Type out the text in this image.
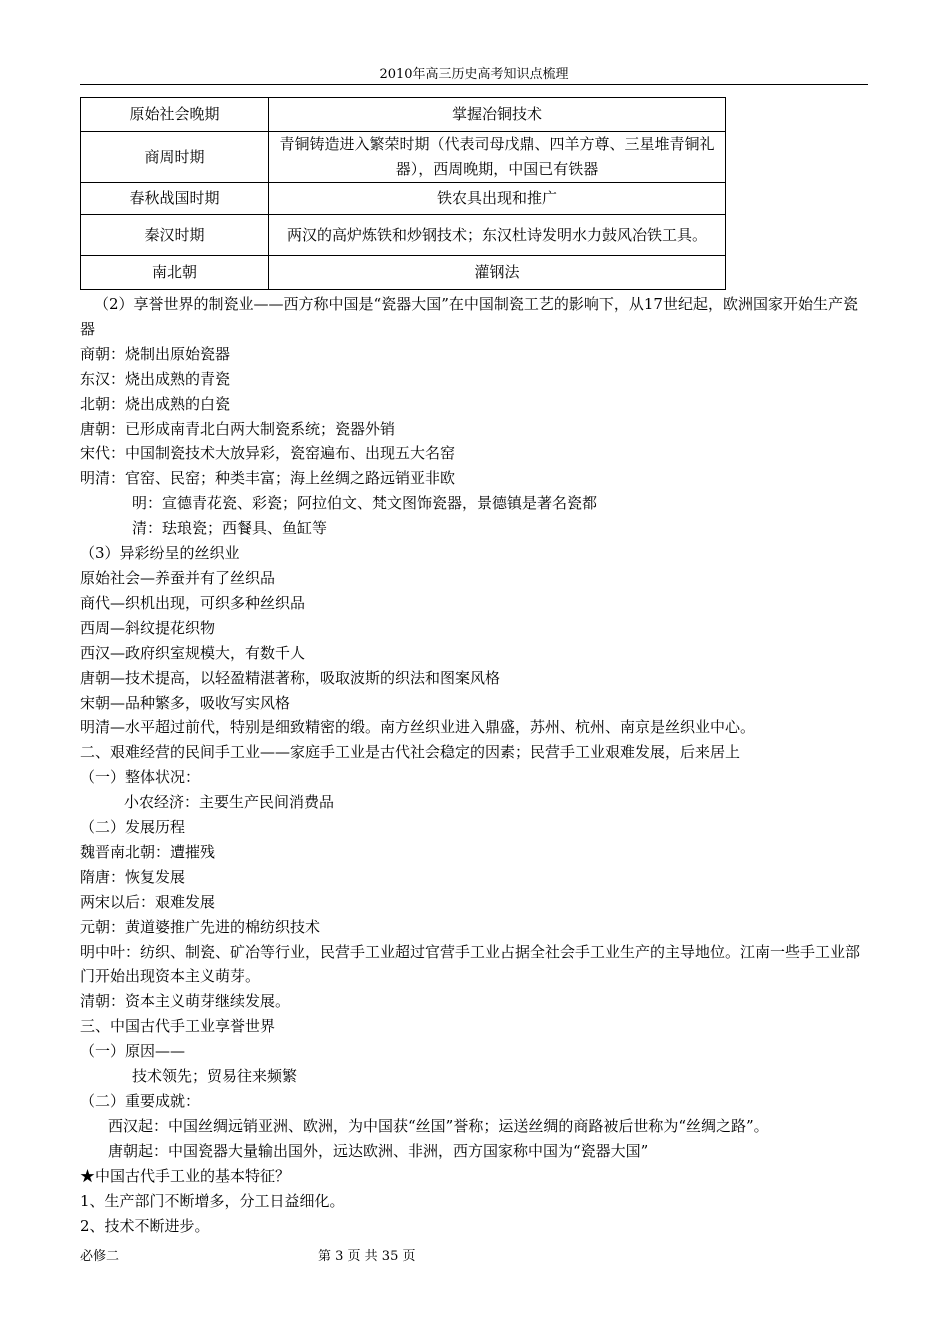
2010年高三历史高考知识点梳理
原始社会晚期	掌握冶铜技术
商周时期	青铜铸造进入繁荣时期（代表司母戊鼎、四羊方尊、三星堆青铜礼器），西周晚期，中国已有铁器
春秋战国时期	铁农具出现和推广
秦汉时期	两汉的高炉炼铁和炒钢技术；东汉杜诗发明水力鼓风冶铁工具。
南北朝	灌钢法

（2）享誉世界的制瓷业——西方称中国是“瓷器大国”在中国制瓷工艺的影响下，从17世纪起，欧洲国家开始生产瓷器

商朝：烧制出原始瓷器

东汉：烧出成熟的青瓷

北朝：烧出成熟的白瓷

唐朝：已形成南青北白两大制瓷系统；瓷器外销

宋代：中国制瓷技术大放异彩，瓷窑遍布、出现五大名窑

明清：官窑、民窑；种类丰富；海上丝绸之路远销亚非欧

明：宣德青花瓷、彩瓷；阿拉伯文、梵文图饰瓷器，景德镇是著名瓷都

清：珐琅瓷；西餐具、鱼缸等

（3）异彩纷呈的丝织业

原始社会—养蚕并有了丝织品

商代—织机出现，可织多种丝织品

西周—斜纹提花织物

西汉—政府织室规模大，有数千人

唐朝—技术提高，以轻盈精湛著称，吸取波斯的织法和图案风格

宋朝—品种繁多，吸收写实风格

明清—水平超过前代，特别是细致精密的缎。南方丝织业进入鼎盛，苏州、杭州、南京是丝织业中心。

二、艰难经营的民间手工业——家庭手工业是古代社会稳定的因素；民营手工业艰难发展，后来居上

（一）整体状况：

小农经济：主要生产民间消费品

（二）发展历程

魏晋南北朝：遭摧残

隋唐：恢复发展

两宋以后：艰难发展

元朝：黄道婆推广先进的棉纺织技术

明中叶：纺织、制瓷、矿冶等行业，民营手工业超过官营手工业占据全社会手工业生产的主导地位。江南一些手工业部门开始出现资本主义萌芽。

清朝：资本主义萌芽继续发展。

三、中国古代手工业享誉世界

（一）原因——

技术领先；贸易往来频繁

（二）重要成就：

西汉起：中国丝绸远销亚洲、欧洲，为中国获“丝国”誉称；运送丝绸的商路被后世称为“丝绸之路”。

唐朝起：中国瓷器大量输出国外，远达欧洲、非洲，西方国家称中国为“瓷器大国”

★中国古代手工业的基本特征？

1、生产部门不断增多，分工日益细化。

2、技术不断进步。

必修二	第 3 页 共 35 页
